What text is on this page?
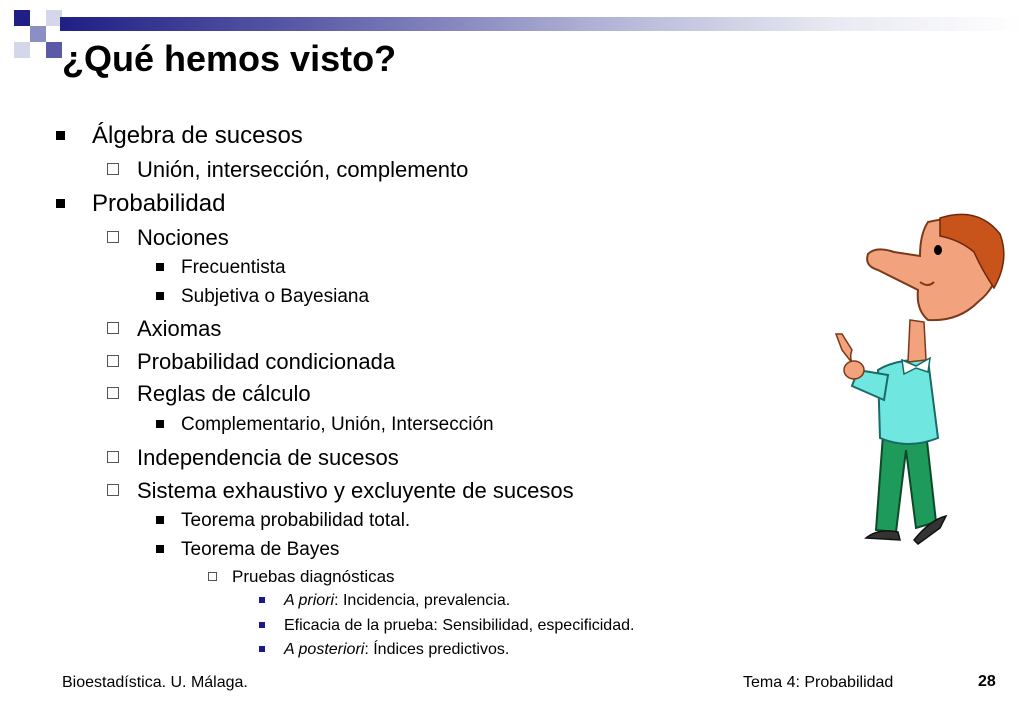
¿Qué hemos visto?
Álgebra de sucesos
Unión, intersección, complemento
Probabilidad
Nociones
Frecuentista
Subjetiva o Bayesiana
Axiomas
Probabilidad condicionada
Reglas de cálculo
Complementario, Unión, Intersección
Independencia de sucesos
Sistema exhaustivo y excluyente de sucesos
Teorema probabilidad total.
Teorema de Bayes
Pruebas diagnósticas
A priori: Incidencia, prevalencia.
Eficacia de la prueba: Sensibilidad, especificidad.
A posteriori: Índices predictivos.
Bioestadística. U. Málaga.	Tema 4: Probabilidad	28
